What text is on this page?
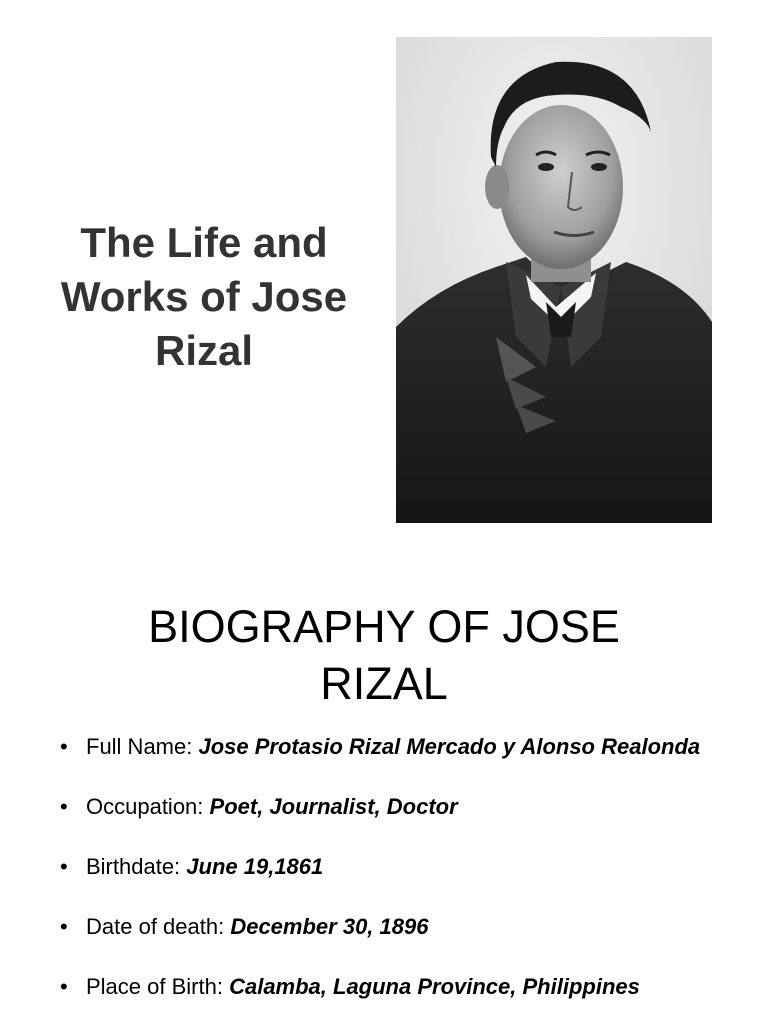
The Life and
Works of Jose
Rizal
BIOGRAPHY OF JOSE
RIZAL
• Full Name: Jose Protasio Rizal Mercado y Alonso Realonda
• Occupation: Poet, Journalist, Doctor
• Birthdate: June 19,1861
• Date of death: December 30, 1896
• Place of Birth: Calamba, Laguna Province, Philippines
